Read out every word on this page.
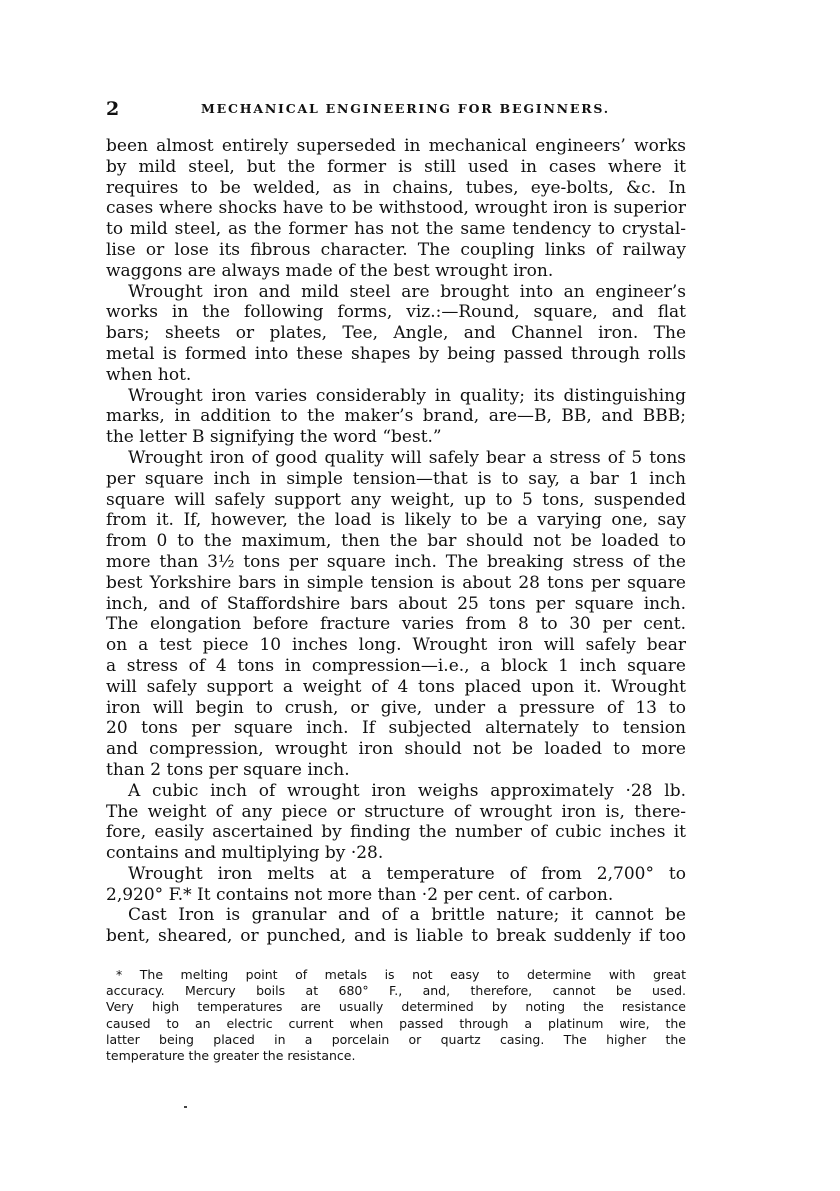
2	MECHANICAL ENGINEERING FOR BEGINNERS.
been almost entirely superseded in mechanical engineers’ works
by mild steel, but the former is still used in cases where it
requires to be welded, as in chains, tubes, eye-bolts, &c. In
cases where shocks have to be withstood, wrought iron is superior
to mild steel, as the former has not the same tendency to crystal-
lise or lose its fibrous character. The coupling links of railway
waggons are always made of the best wrought iron.
Wrought iron and mild steel are brought into an engineer’s
works in the following forms, viz.:—Round, square, and flat
bars; sheets or plates, Tee, Angle, and Channel iron. The
metal is formed into these shapes by being passed through rolls
when hot.
Wrought iron varies considerably in quality; its distinguishing
marks, in addition to the maker’s brand, are—B, BB, and BBB;
the letter B signifying the word “best.”
Wrought iron of good quality will safely bear a stress of 5 tons
per square inch in simple tension—that is to say, a bar 1 inch
square will safely support any weight, up to 5 tons, suspended
from it. If, however, the load is likely to be a varying one, say
from 0 to the maximum, then the bar should not be loaded to
more than 3½ tons per square inch. The breaking stress of the
best Yorkshire bars in simple tension is about 28 tons per square
inch, and of Staffordshire bars about 25 tons per square inch.
The elongation before fracture varies from 8 to 30 per cent.
on a test piece 10 inches long. Wrought iron will safely bear
a stress of 4 tons in compression—i.e., a block 1 inch square
will safely support a weight of 4 tons placed upon it. Wrought
iron will begin to crush, or give, under a pressure of 13 to
20 tons per square inch. If subjected alternately to tension
and compression, wrought iron should not be loaded to more
than 2 tons per square inch.
A cubic inch of wrought iron weighs approximately ·28 lb.
The weight of any piece or structure of wrought iron is, there-
fore, easily ascertained by finding the number of cubic inches it
contains and multiplying by ·28.
Wrought iron melts at a temperature of from 2,700° to
2,920° F.* It contains not more than ·2 per cent. of carbon.
Cast Iron is granular and of a brittle nature; it cannot be
bent, sheared, or punched, and is liable to break suddenly if too
* The melting point of metals is not easy to determine with great
accuracy. Mercury boils at 680° F., and, therefore, cannot be used.
Very high temperatures are usually determined by noting the resistance
caused to an electric current when passed through a platinum wire, the
latter being placed in a porcelain or quartz casing. The higher the
temperature the greater the resistance.
